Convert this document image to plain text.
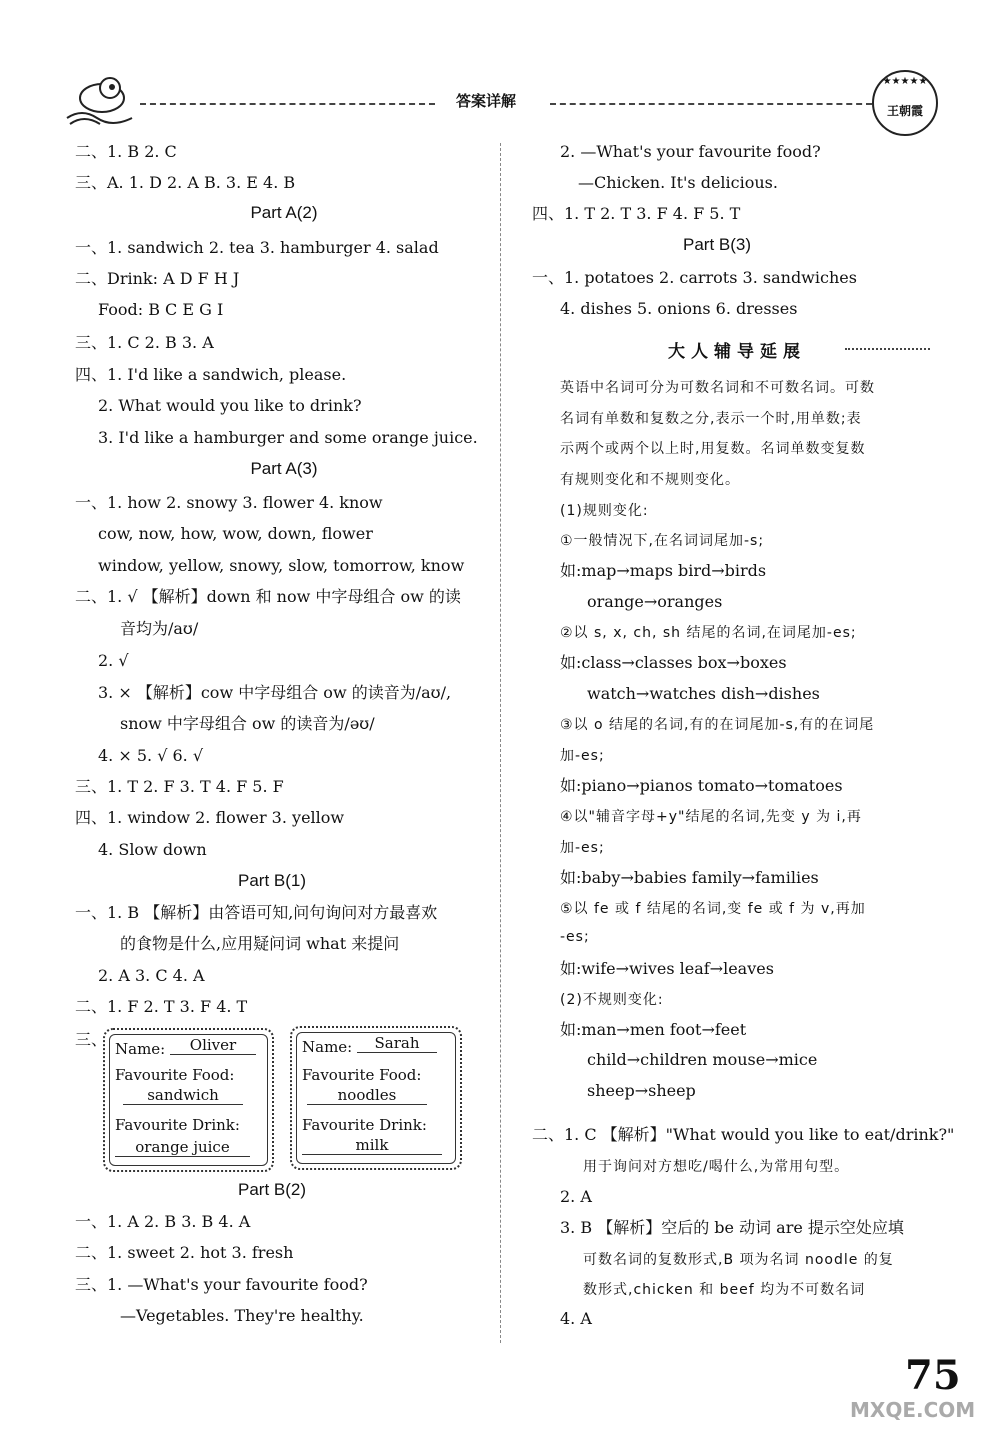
答案详解
★★★★★
王朝霞
二、1. B 2. C
三、A. 1. D 2. A B. 3. E 4. B
Part A(2)
一、1. sandwich 2. tea 3. hamburger 4. salad
二、Drink: A D F H J
Food: B C E G I
三、1. C 2. B 3. A
四、1. I'd like a sandwich, please.
2. What would you like to drink?
3. I'd like a hamburger and some orange juice.
Part A(3)
一、1. how 2. snowy 3. flower 4. know
cow, now, how, wow, down, flower
window, yellow, snowy, slow, tomorrow, know
二、1. √ 【解析】down 和 now 中字母组合 ow 的读
音均为/aʊ/
2. √
3. × 【解析】cow 中字母组合 ow 的读音为/aʊ/,
snow 中字母组合 ow 的读音为/əʊ/
4. × 5. √ 6. √
三、1. T 2. F 3. T 4. F 5. F
四、1. window 2. flower 3. yellow
4. Slow down
Part B(1)
一、1. B 【解析】由答语可知,问句询问对方最喜欢
的食物是什么,应用疑问词 what 来提问
2. A 3. C 4. A
二、1. F 2. T 3. F 4. T
三、 Name:	Oliver
Favourite Food:
sandwich
Favourite Drink:
orange juice
Name:	Sarah
Favourite Food:
noodles
Favourite Drink:
milk
Part B(2)
一、1. A 2. B 3. B 4. A
二、1. sweet 2. hot 3. fresh
三、1. —What's your favourite food?
—Vegetables. They're healthy.
2. —What's your favourite food?
—Chicken. It's delicious.
四、1. T 2. T 3. F 4. F 5. T
Part B(3)
一、1. potatoes 2. carrots 3. sandwiches
4. dishes 5. onions 6. dresses
大人辅导延展
英语中名词可分为可数名词和不可数名词。可数
名词有单数和复数之分,表示一个时,用单数;表
示两个或两个以上时,用复数。名词单数变复数
有规则变化和不规则变化。
(1)规则变化:
①一般情况下,在名词词尾加-s;
如:map→maps bird→birds
orange→oranges
②以 s, x, ch, sh 结尾的名词,在词尾加-es;
如:class→classes box→boxes
watch→watches dish→dishes
③以 o 结尾的名词,有的在词尾加-s,有的在词尾
加-es;
如:piano→pianos tomato→tomatoes
④以"辅音字母+y"结尾的名词,先变 y 为 i,再
加-es;
如:baby→babies family→families
⑤以 fe 或 f 结尾的名词,变 fe 或 f 为 v,再加
-es;
如:wife→wives leaf→leaves
(2)不规则变化:
如:man→men foot→feet
child→children mouse→mice
sheep→sheep
二、1. C 【解析】"What would you like to eat/drink?"
用于询问对方想吃/喝什么,为常用句型。
2. A
3. B 【解析】空后的 be 动词 are 提示空处应填
可数名词的复数形式,B 项为名词 noodle 的复
数形式,chicken 和 beef 均为不可数名词
4. A
75
MXQE.COM
